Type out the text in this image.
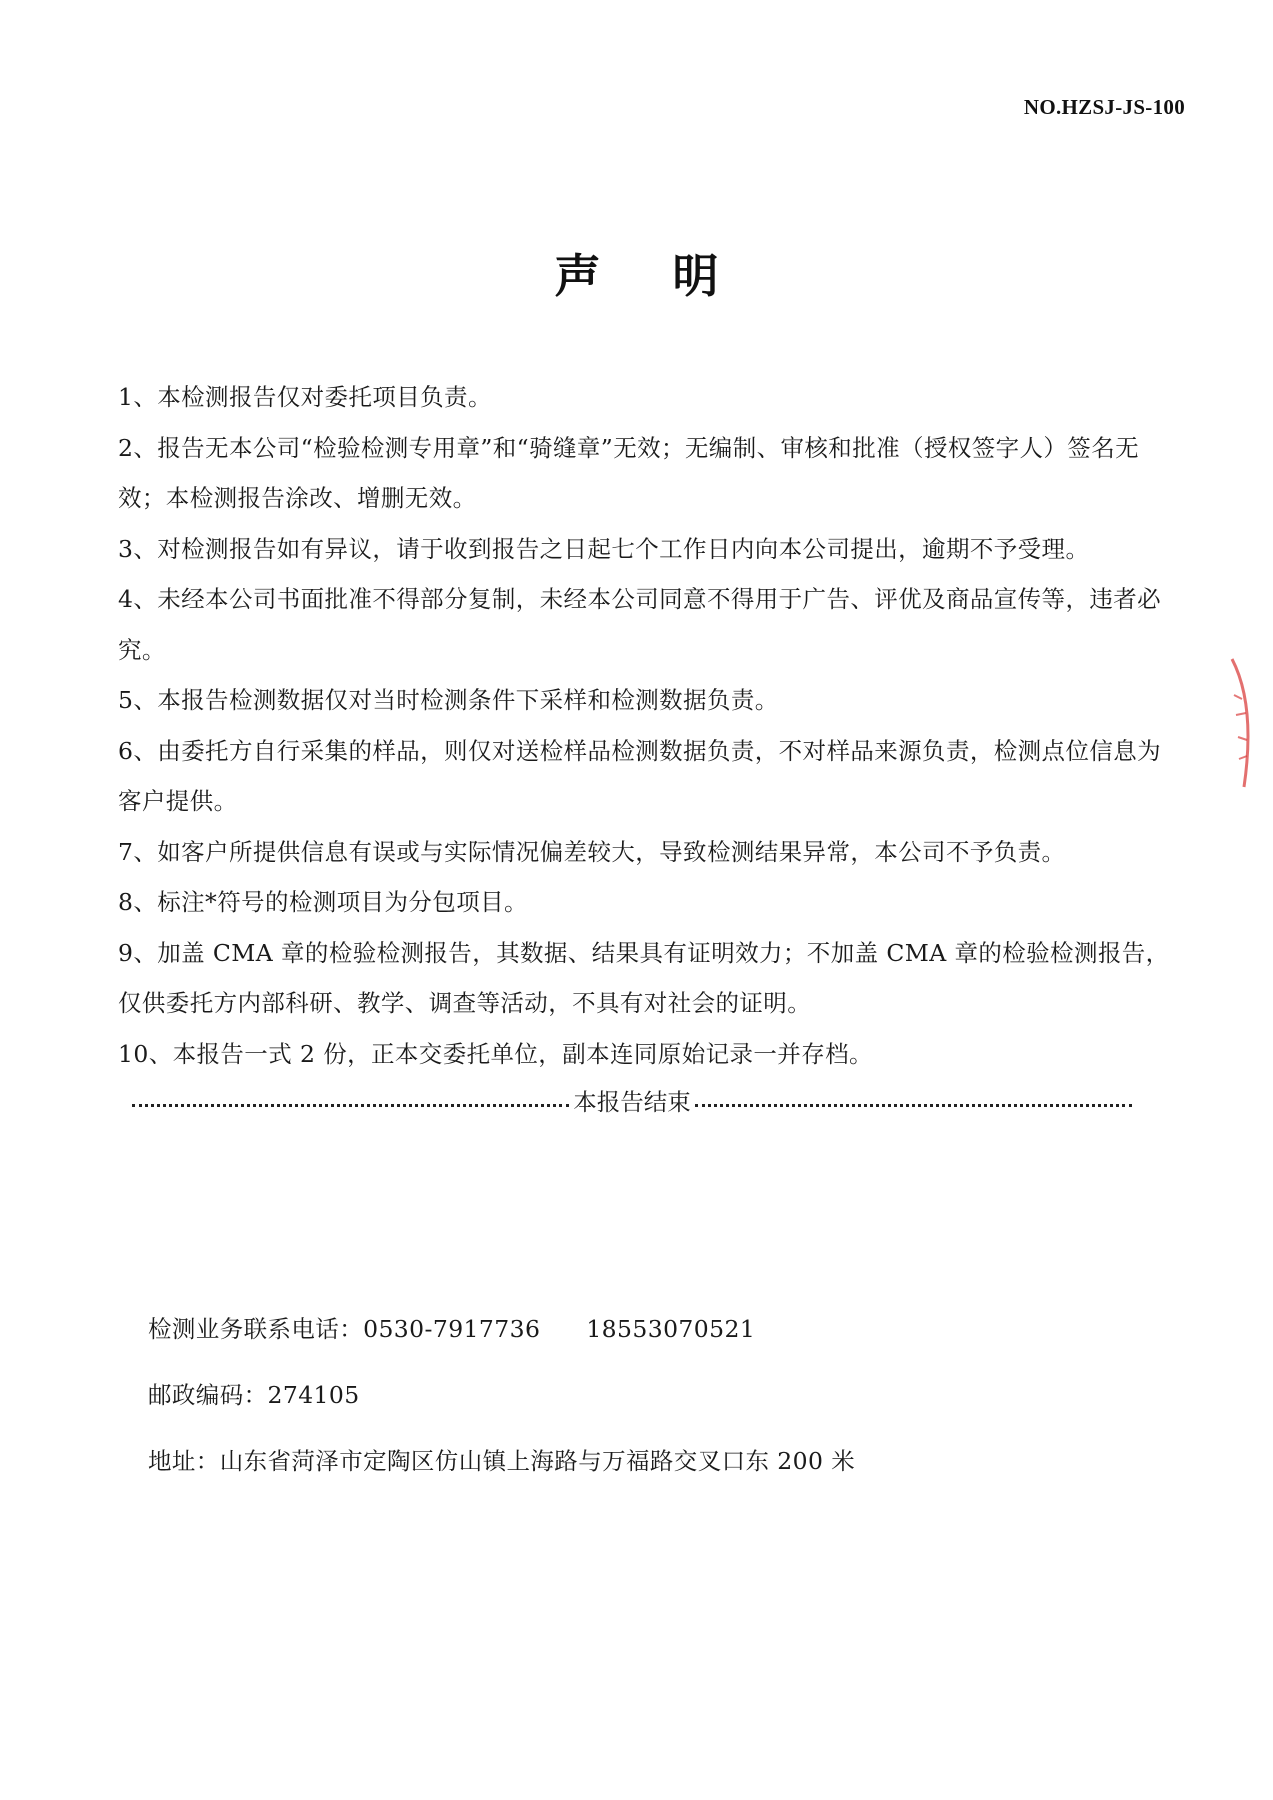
NO.HZSJ-JS-100
声明

1、本检测报告仅对委托项目负责。

2、报告无本公司“检验检测专用章”和“骑缝章”无效；无编制、审核和批准（授权签字人）签名无效；本检测报告涂改、增删无效。

3、对检测报告如有异议，请于收到报告之日起七个工作日内向本公司提出，逾期不予受理。

4、未经本公司书面批准不得部分复制，未经本公司同意不得用于广告、评优及商品宣传等，违者必究。

5、本报告检测数据仅对当时检测条件下采样和检测数据负责。

6、由委托方自行采集的样品，则仅对送检样品检测数据负责，不对样品来源负责，检测点位信息为客户提供。

7、如客户所提供信息有误或与实际情况偏差较大，导致检测结果异常，本公司不予负责。

8、标注*符号的检测项目为分包项目。

9、加盖 CMA 章的检验检测报告，其数据、结果具有证明效力；不加盖 CMA 章的检验检测报告，仅供委托方内部科研、教学、调查等活动，不具有对社会的证明。

10、本报告一式 2 份，正本交委托单位，副本连同原始记录一并存档。

本报告结束
检测业务联系电话：0530-7917736 18553070521
邮政编码：274105
地址：山东省菏泽市定陶区仿山镇上海路与万福路交叉口东 200 米
